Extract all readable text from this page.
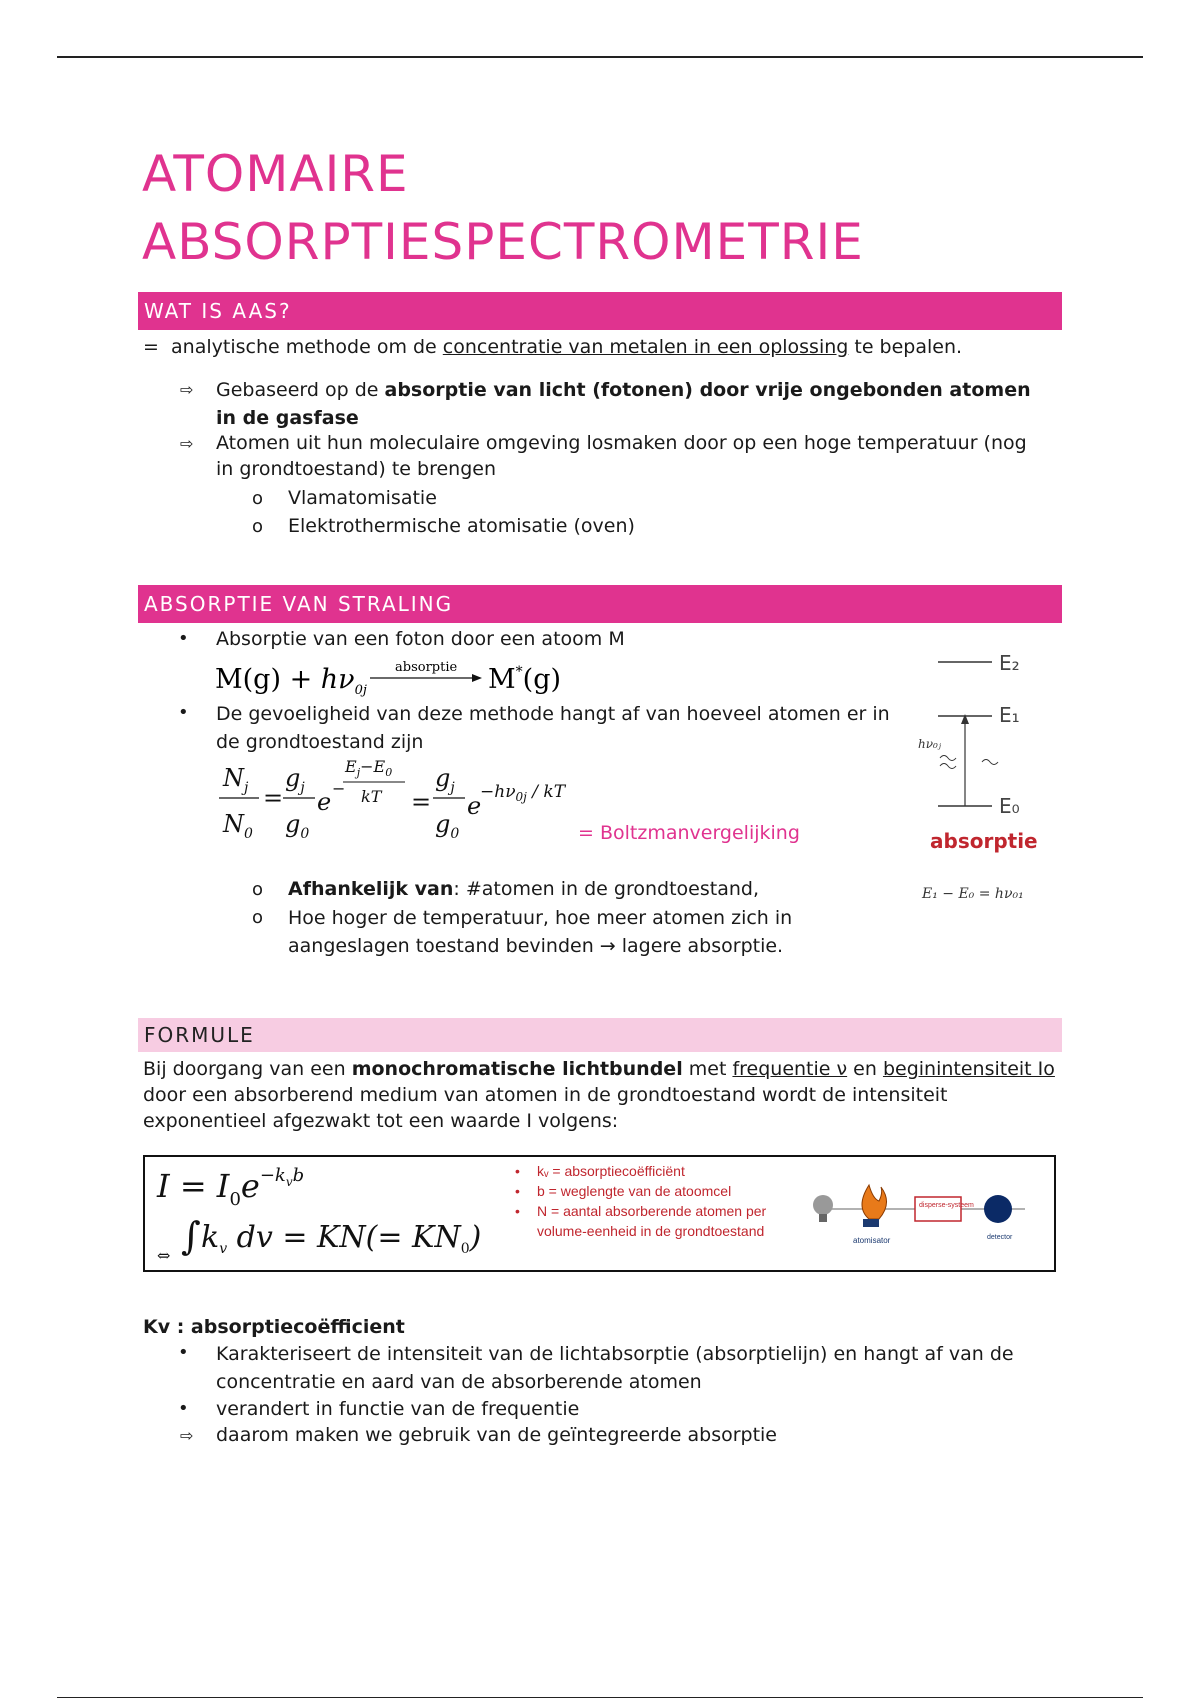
ATOMAIRE
ABSORPTIESPECTROMETRIE
WAT IS AAS?
= analytische methode om de concentratie van metalen in een oplossing te bepalen.
⇨ Gebaseerd op de absorptie van licht (fotonen) door vrije ongebonden atomen in de gasfase
⇨ Atomen uit hun moleculaire omgeving losmaken door op een hoge temperatuur (nog in grondtoestand) te brengen
o Vlamatomisatie
o Elektrothermische atomisatie (oven)
ABSORPTIE VAN STRALING
• Absorptie van een foton door een atoom M
$M(g) + h\nu_{0j}$
absorptie M*(g)
• De gevoeligheid van deze methode hangt af van hoeveel atomen er in de grondtoestand zijn
$N_j$
$N_0$
=
$g_j$
$g_0$
e −
$E_j-E_0$
kT =
$g_j$
$g_0$
e
$-h\nu_{0j}$ / kT
= Boltzmanvergelijking
E₂
E₁
E₀
hν₀ⱼ
absorptie
E₁ − E₀ = hν₀₁
o Afhankelijk van: #atomen in de grondtoestand,
o Hoe hoger de temperatuur, hoe meer atomen zich in aangeslagen toestand bevinden → lagere absorptie.
FORMULE
Bij doorgang van een monochromatische lichtbundel met frequentie ν en beginintensiteit Io door een absorberend medium van atomen in de grondtoestand wordt de intensiteit exponentieel afgezwakt tot een waarde I volgens:
$I = I_0e^{-k}vb$
⇔ ∫ $k_v$ dv = $KN(= KN_0)$
•	kᵥ = absorptiecoëfficiënt
•	b = weglengte van de atoomcel
•	N = aantal absorberende atomen per volume-eenheid in de grondtoestand
atomisator
disperse-systeem
detector
Kv : absorptiecoëfficient
• Karakteriseert de intensiteit van de lichtabsorptie (absorptielijn) en hangt af van de concentratie en aard van de absorberende atomen
• verandert in functie van de frequentie
⇨ daarom maken we gebruik van de geïntegreerde absorptie
